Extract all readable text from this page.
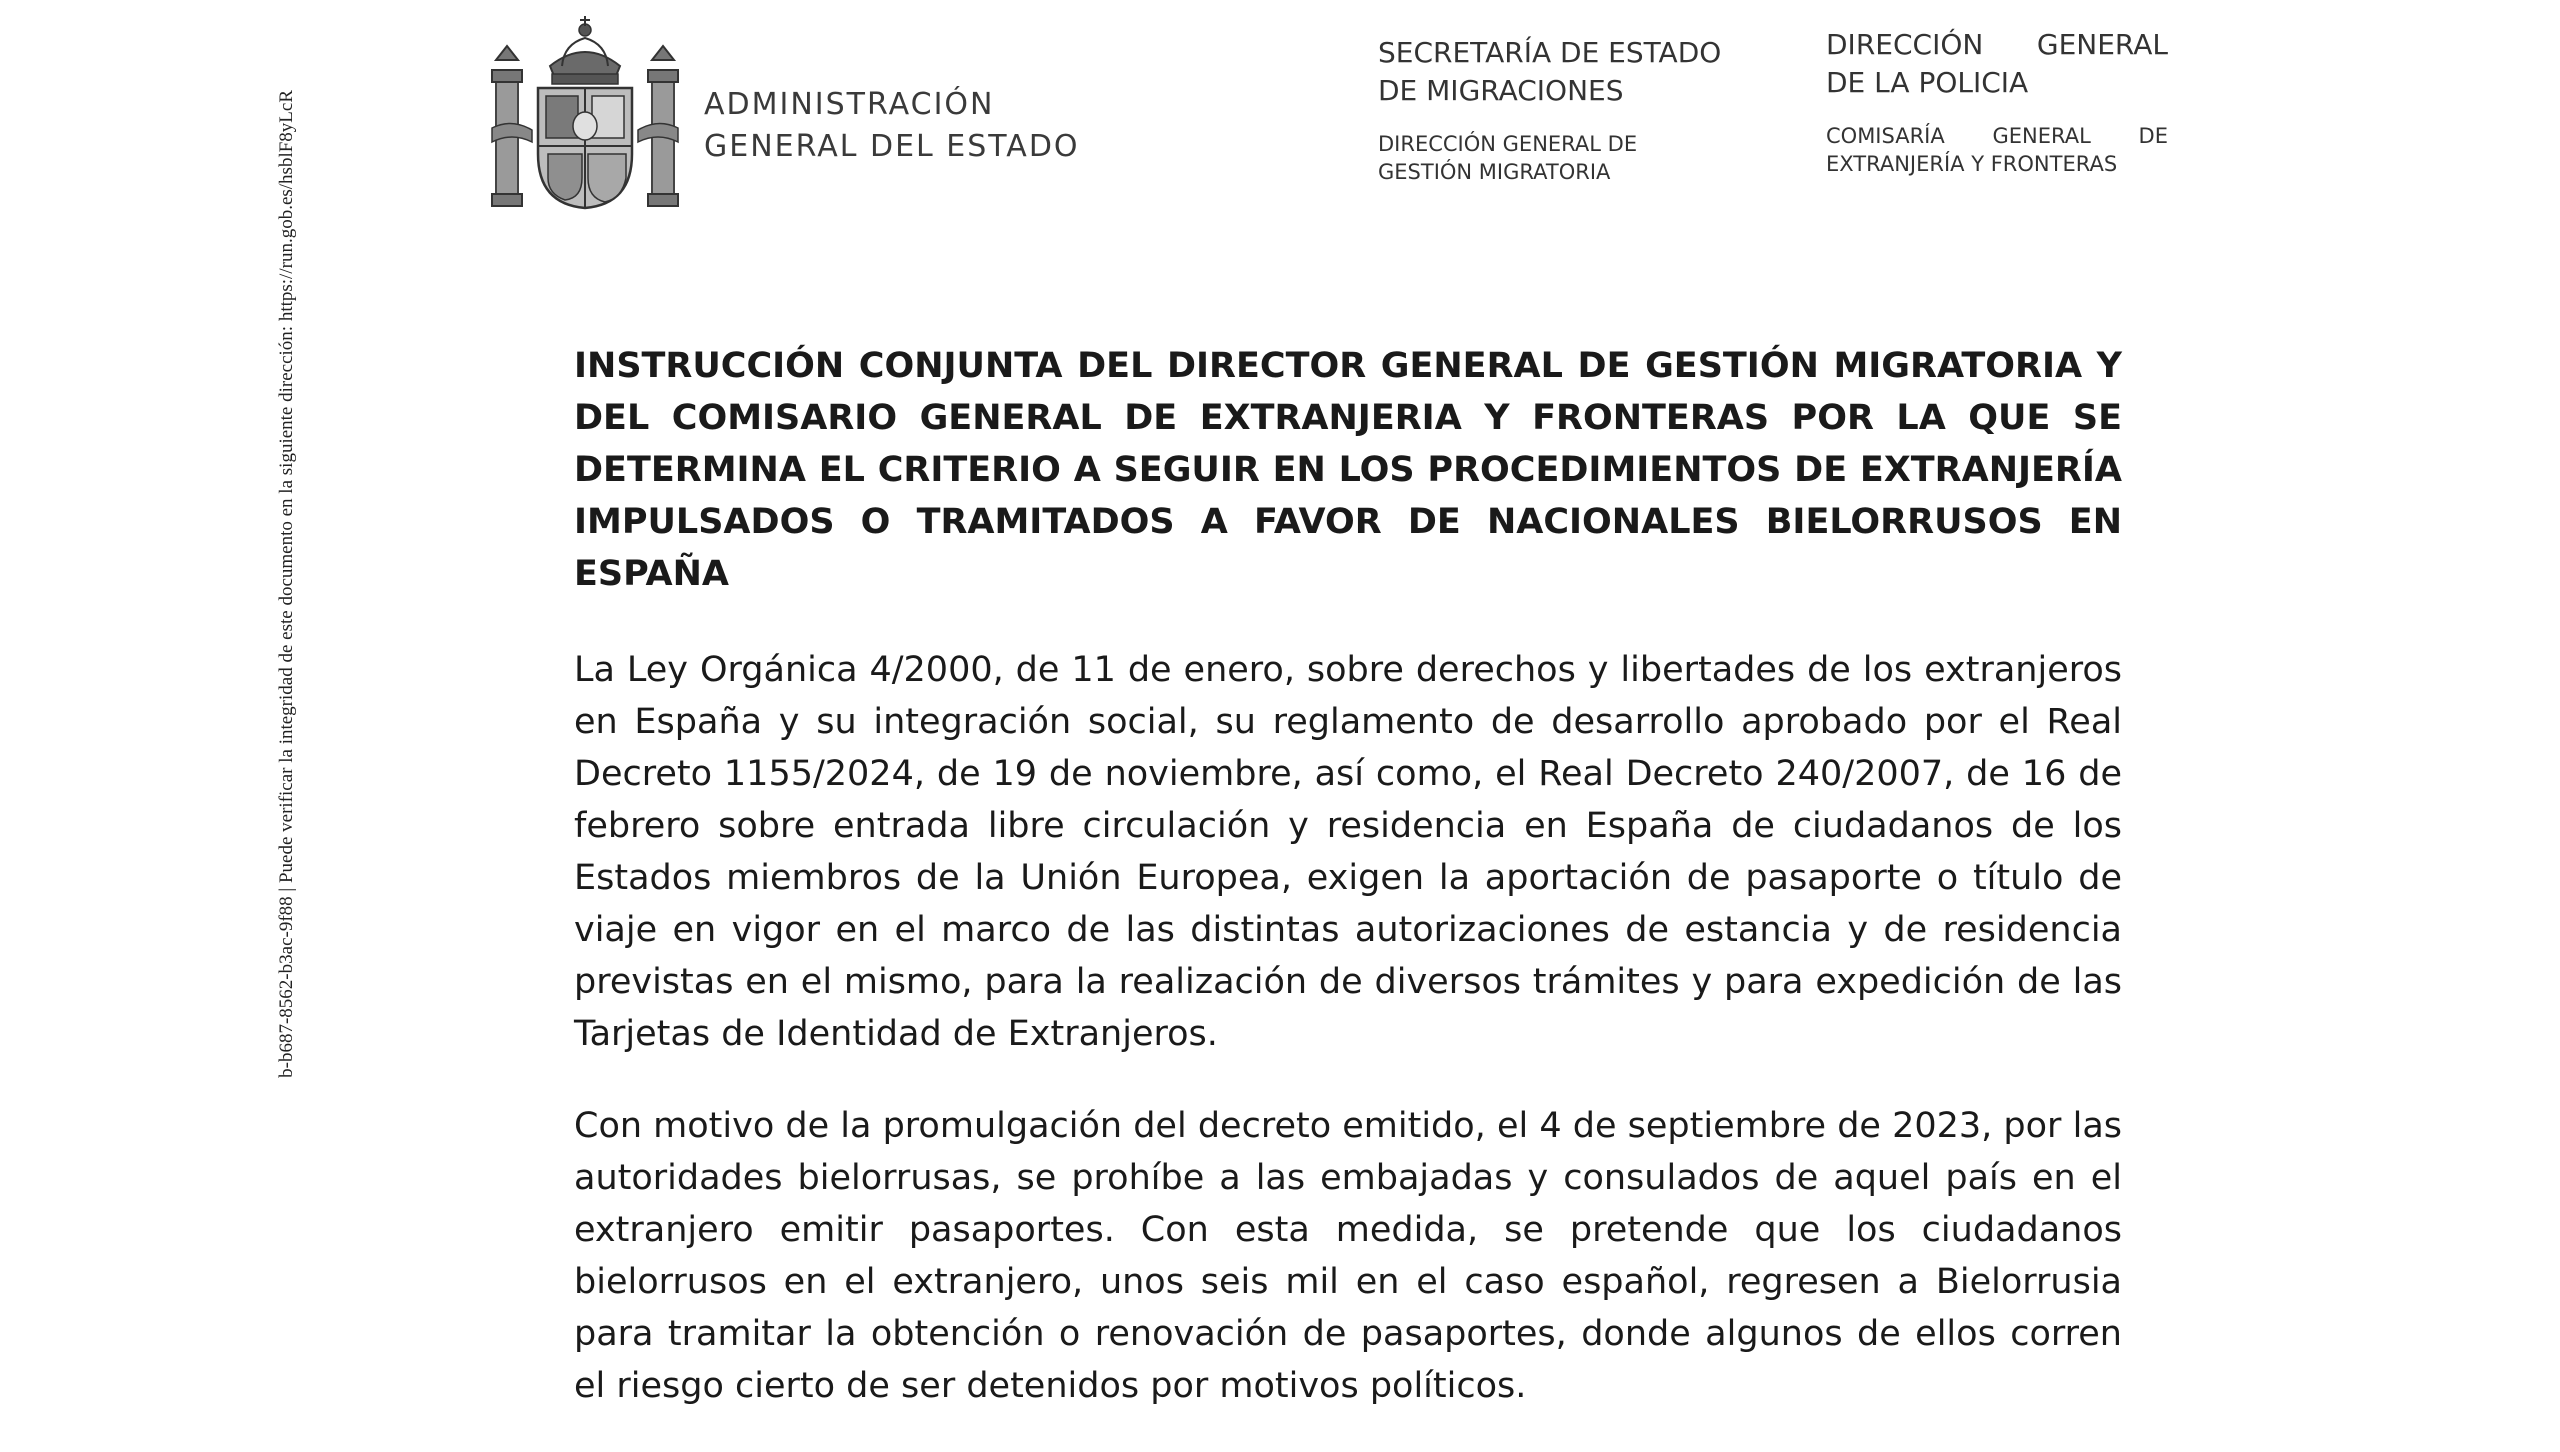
b-b687-8562-b3ac-9f88 | Puede verificar la integridad de este documento en la siguiente dirección: https://run.gob.es/hsblF8yLcR	ADMINISTRACIÓN
GENERAL DEL ESTADO
SECRETARÍA DE ESTADO
DE MIGRACIONES
DIRECCIÓN GENERAL DE
GESTIÓN MIGRATORIA
DIRECCIÓN GENERAL
DE LA POLICIA
COMISARÍA GENERAL DE
EXTRANJERÍA Y FRONTERAS

INSTRUCCIÓN CONJUNTA DEL DIRECTOR GENERAL DE GESTIÓN MIGRATORIA Y DEL COMISARIO GENERAL DE EXTRANJERIA Y FRONTERAS POR LA QUE SE DETERMINA EL CRITERIO A SEGUIR EN LOS PROCEDIMIENTOS DE EXTRANJERÍA IMPULSADOS O TRAMITADOS A FAVOR DE NACIONALES BIELORRUSOS EN ESPAÑA

La Ley Orgánica 4/2000, de 11 de enero, sobre derechos y libertades de los extranjeros en España y su integración social, su reglamento de desarrollo aprobado por el Real Decreto 1155/2024, de 19 de noviembre, así como, el Real Decreto 240/2007, de 16 de febrero sobre entrada libre circulación y residencia en España de ciudadanos de los Estados miembros de la Unión Europea, exigen la aportación de pasaporte o título de viaje en vigor en el marco de las distintas autorizaciones de estancia y de residencia previstas en el mismo, para la realización de diversos trámites y para expedición de las Tarjetas de Identidad de Extranjeros.

Con motivo de la promulgación del decreto emitido, el 4 de septiembre de 2023, por las autoridades bielorrusas, se prohíbe a las embajadas y consulados de aquel país en el extranjero emitir pasaportes. Con esta medida, se pretende que los ciudadanos bielorrusos en el extranjero, unos seis mil en el caso español, regresen a Bielorrusia para tramitar la obtención o renovación de pasaportes, donde algunos de ellos corren el riesgo cierto de ser detenidos por motivos políticos.
